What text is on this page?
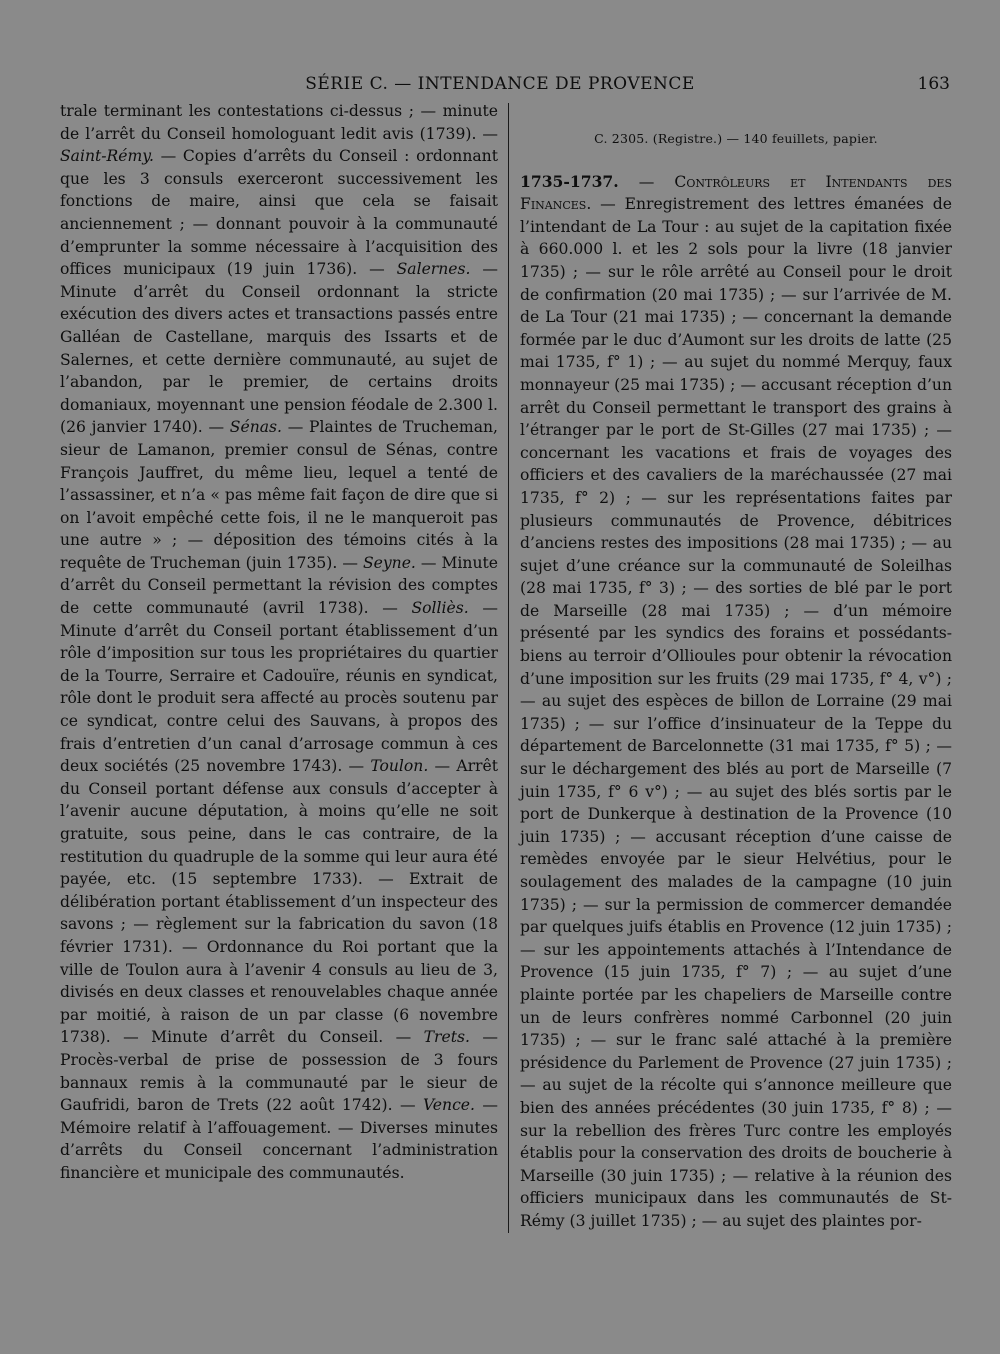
SÉRIE C. — INTENDANCE DE PROVENCE	163

trale terminant les contestations ci-dessus ; — minute de l’arrêt du Conseil homologuant ledit avis (1739). — Saint-Rémy. — Copies d’arrêts du Conseil : ordonnant que les 3 consuls exerceront successivement les fonctions de maire, ainsi que cela se faisait anciennement ; — donnant pouvoir à la communauté d’emprunter la somme nécessaire à l’acquisition des offices municipaux (19 juin 1736). — Salernes. — Minute d’arrêt du Conseil ordonnant la stricte exécution des divers actes et transactions passés entre Galléan de Castellane, marquis des Issarts et de Salernes, et cette dernière communauté, au sujet de l’abandon, par le premier, de certains droits domaniaux, moyennant une pension féodale de 2.300 l. (26 janvier 1740). — Sénas. — Plaintes de Trucheman, sieur de Lamanon, premier consul de Sénas, contre François Jauffret, du même lieu, lequel a tenté de l’assassiner, et n’a « pas même fait façon de dire que si on l’avoit empêché cette fois, il ne le manqueroit pas une autre » ; — déposition des témoins cités à la requête de Trucheman (juin 1735). — Seyne. — Minute d’arrêt du Conseil permettant la révision des comptes de cette communauté (avril 1738). — Solliès. — Minute d’arrêt du Conseil portant établissement d’un rôle d’imposition sur tous les propriétaires du quartier de la Tourre, Serraire et Cadouïre, réunis en syndicat, rôle dont le produit sera affecté au procès soutenu par ce syndicat, contre celui des Sauvans, à propos des frais d’entretien d’un canal d’arrosage commun à ces deux sociétés (25 novembre 1743). — Toulon. — Arrêt du Conseil portant défense aux consuls d’accepter à l’avenir aucune députation, à moins qu’elle ne soit gratuite, sous peine, dans le cas contraire, de la restitution du quadruple de la somme qui leur aura été payée, etc. (15 septembre 1733). — Extrait de délibération portant établissement d’un inspecteur des savons ; — règlement sur la fabrication du savon (18 février 1731). — Ordonnance du Roi portant que la ville de Toulon aura à l’avenir 4 consuls au lieu de 3, divisés en deux classes et renouvelables chaque année par moitié, à raison de un par classe (6 novembre 1738). — Minute d’arrêt du Conseil. — Trets. — Procès-verbal de prise de possession de 3 fours bannaux remis à la communauté par le sieur de Gaufridi, baron de Trets (22 août 1742). — Vence. — Mémoire relatif à l’affouagement. — Diverses minutes d’arrêts du Conseil concernant l’administration financière et municipale des communautés.

C. 2305. (Registre.) — 140 feuillets, papier.

1735-1737. — Contrôleurs et Intendants des Finances. — Enregistrement des lettres émanées de l’intendant de La Tour : au sujet de la capitation fixée à 660.000 l. et les 2 sols pour la livre (18 janvier 1735) ; — sur le rôle arrêté au Conseil pour le droit de confirmation (20 mai 1735) ; — sur l’arrivée de M. de La Tour (21 mai 1735) ; — concernant la demande formée par le duc d’Aumont sur les droits de latte (25 mai 1735, f° 1) ; — au sujet du nommé Merquy, faux monnayeur (25 mai 1735) ; — accusant réception d’un arrêt du Conseil permettant le transport des grains à l’étranger par le port de St-Gilles (27 mai 1735) ; — concernant les vacations et frais de voyages des officiers et des cavaliers de la maréchaussée (27 mai 1735, f° 2) ; — sur les représentations faites par plusieurs communautés de Provence, débitrices d’anciens restes des impositions (28 mai 1735) ; — au sujet d’une créance sur la communauté de Soleilhas (28 mai 1735, f° 3) ; — des sorties de blé par le port de Marseille (28 mai 1735) ; — d’un mémoire présenté par les syndics des forains et possédants-biens au terroir d’Ollioules pour obtenir la révocation d’une imposition sur les fruits (29 mai 1735, f° 4, v°) ; — au sujet des espèces de billon de Lorraine (29 mai 1735) ; — sur l’office d’insinuateur de la Teppe du département de Barcelonnette (31 mai 1735, f° 5) ; — sur le déchargement des blés au port de Marseille (7 juin 1735, f° 6 v°) ; — au sujet des blés sortis par le port de Dunkerque à destination de la Provence (10 juin 1735) ; — accusant réception d’une caisse de remèdes envoyée par le sieur Helvétius, pour le soulagement des malades de la campagne (10 juin 1735) ; — sur la permission de commercer demandée par quelques juifs établis en Provence (12 juin 1735) ; — sur les appointements attachés à l’Intendance de Provence (15 juin 1735, f° 7) ; — au sujet d’une plainte portée par les chapeliers de Marseille contre un de leurs confrères nommé Carbonnel (20 juin 1735) ; — sur le franc salé attaché à la première présidence du Parlement de Provence (27 juin 1735) ; — au sujet de la récolte qui s’annonce meilleure que bien des années précédentes (30 juin 1735, f° 8) ; — sur la rebellion des frères Turc contre les employés établis pour la conservation des droits de boucherie à Marseille (30 juin 1735) ; — relative à la réunion des officiers municipaux dans les communautés de St-Rémy (3 juillet 1735) ; — au sujet des plaintes por-
